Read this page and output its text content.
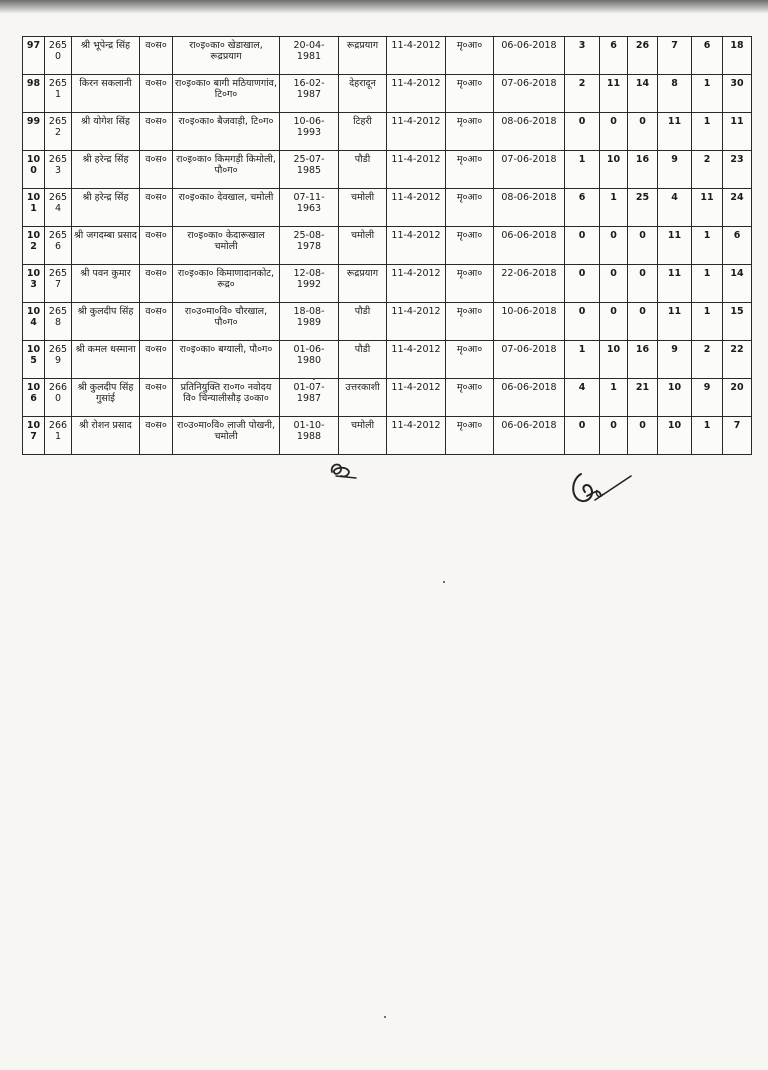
97	2650	श्री भूपेन्द्र सिंह	व०स०	रा०इ०का० खेडाखाल, रूद्रप्रयाग	20-04-1981	रूद्रप्रयाग	11-4-2012	मृ०आ०	06-06-2018	3	6	26	7	6	18
98	2651	किरन सकलानी	व०स०	रा०इ०का० बागी मठियाणगांव, टि०ग०	16-02-1987	देहरादून	11-4-2012	मृ०आ०	07-06-2018	2	11	14	8	1	30
99	2652	श्री योगेश सिंह	व०स०	रा०इ०का० बैजवाड़ी, टि०ग०	10-06-1993	टिहरी	11-4-2012	मृ०आ०	08-06-2018	0	0	0	11	1	11
100	2653	श्री हरेन्द्र सिंह	व०स०	रा०इ०का० किमगड़ी किमोली, पौ०ग०	25-07-1985	पौडी	11-4-2012	मृ०आ०	07-06-2018	1	10	16	9	2	23
101	2654	श्री हरेन्द्र सिंह	व०स०	रा०इ०का० देवखाल, चमोली	07-11-1963	चमोली	11-4-2012	मृ०आ०	08-06-2018	6	1	25	4	11	24
102	2656	श्री जगदम्बा प्रसाद	व०स०	रा०इ०का० केदारूखाल चमोली	25-08-1978	चमोली	11-4-2012	मृ०आ०	06-06-2018	0	0	0	11	1	6
103	2657	श्री पवन कुमार	व०स०	रा०इ०का० किमाणादानकोट, रूद्र०	12-08-1992	रूद्रप्रयाग	11-4-2012	मृ०आ०	22-06-2018	0	0	0	11	1	14
104	2658	श्री कुलदीप सिंह	व०स०	रा०उ०मा०वि० चौरखाल, पौ०ग०	18-08-1989	पौडी	11-4-2012	मृ०आ०	10-06-2018	0	0	0	11	1	15
105	2659	श्री कमल धस्माना	व०स०	रा०इ०का० बग्याली, पौ०ग०	01-06-1980	पौडी	11-4-2012	मृ०आ०	07-06-2018	1	10	16	9	2	22
106	2660	श्री कुलदीप सिंह गुसांई	व०स०	प्रतिनियुक्ति रा०ग० नवोदय वि० चिन्यालीसौड़ उ०का०	01-07-1987	उत्तरकाशी	11-4-2012	मृ०आ०	06-06-2018	4	1	21	10	9	20
107	2661	श्री रोशन प्रसाद	व०स०	रा०उ०मा०वि० लाजी पोखनी, चमोली	01-10-1988	चमोली	11-4-2012	मृ०आ०	06-06-2018	0	0	0	10	1	7
